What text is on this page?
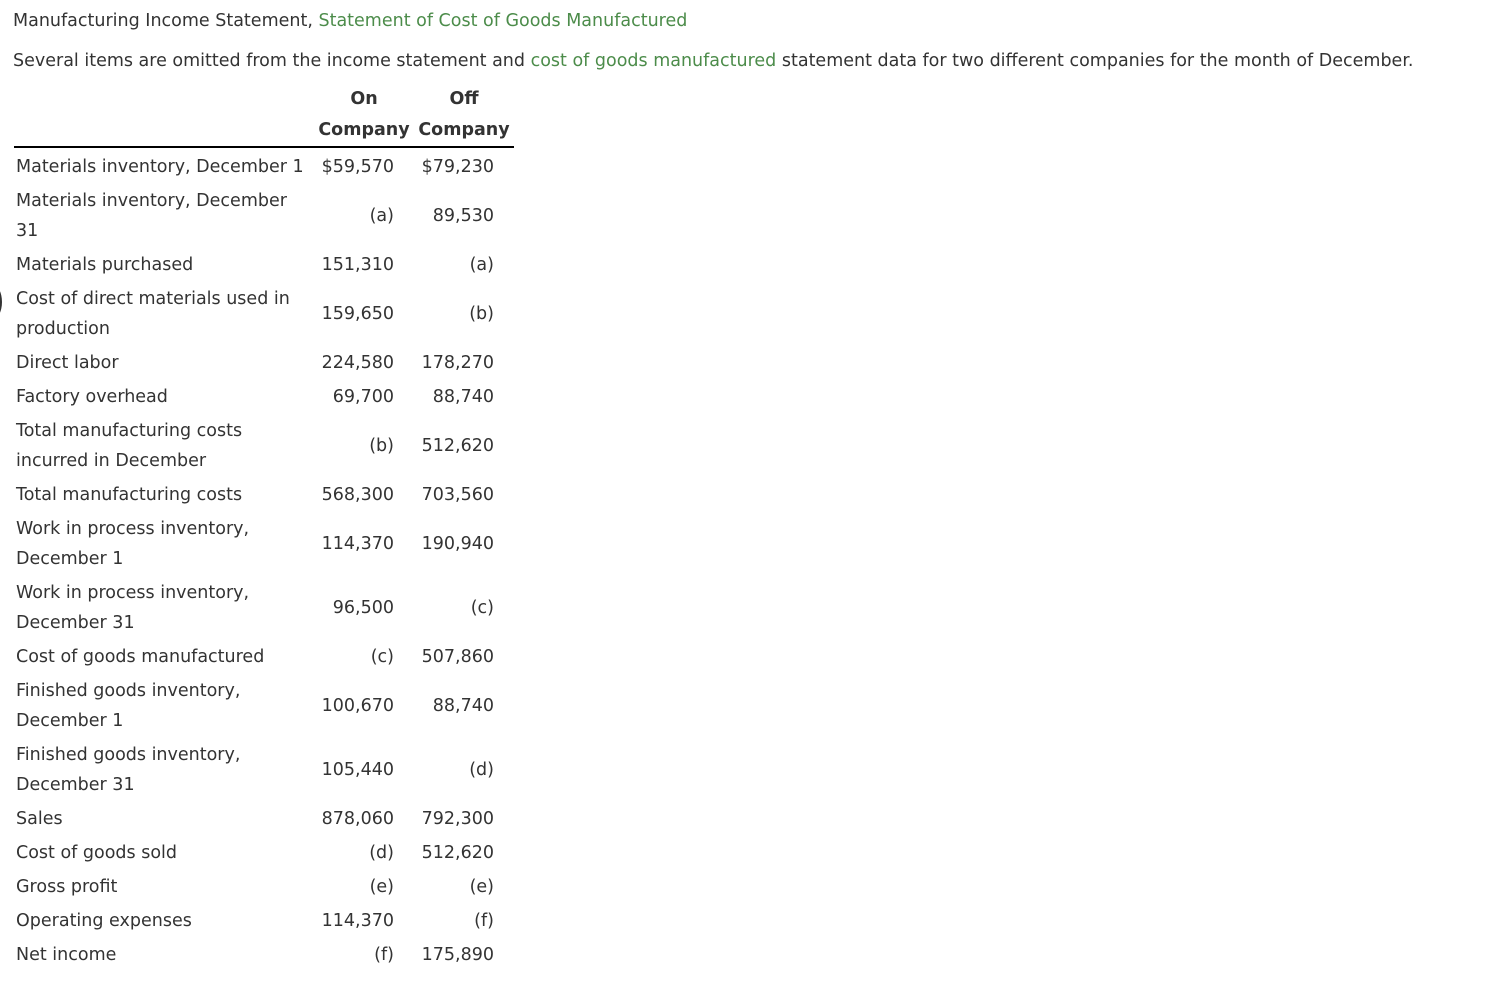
Manufacturing Income Statement, Statement of Cost of Goods Manufactured
Several items are omitted from the income statement and cost of goods manufactured statement data for two different companies for the month of December.
	On	Off
	Company	Company
Materials inventory, December 1	$59,570	$79,230
Materials inventory, December 31	(a)	89,530
Materials purchased	151,310	(a)
Cost of direct materials used in production	159,650	(b)
Direct labor	224,580	178,270
Factory overhead	69,700	88,740
Total manufacturing costs incurred in December	(b)	512,620
Total manufacturing costs	568,300	703,560
Work in process inventory, December 1	114,370	190,940
Work in process inventory, December 31	96,500	(c)
Cost of goods manufactured	(c)	507,860
Finished goods inventory, December 1	100,670	88,740
Finished goods inventory, December 31	105,440	(d)
Sales	878,060	792,300
Cost of goods sold	(d)	512,620
Gross profit	(e)	(e)
Operating expenses	114,370	(f)
Net income	(f)	175,890
